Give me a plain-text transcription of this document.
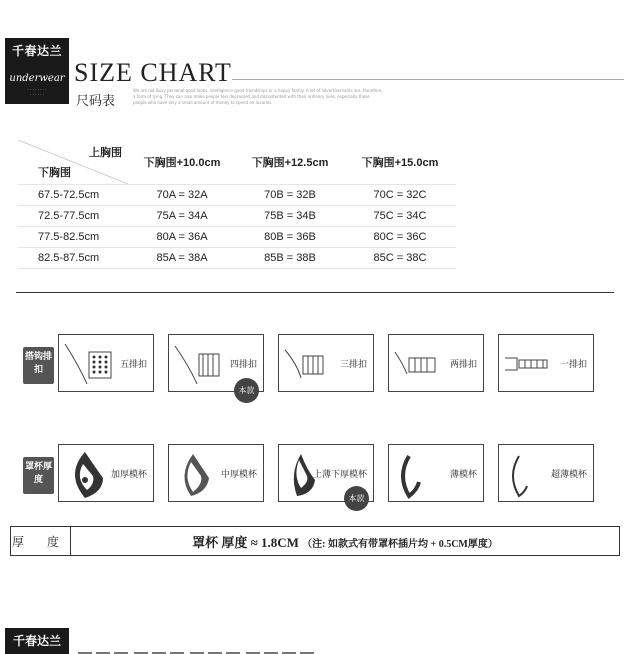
千春达兰
underwear
· · · · · · · ·
· · · · · ·
SIZE CHART
尺码表
We are not Busy personal good looks, intelligence good friendships or a happy family. A lot of advertisements are, therefore, a form of lying. They can also make people feel depressed and discontented with their ordinary lives, especially those people who have only a small amount of money to spend on luxuries
上胸围
下胸围	下胸围+10.0cm	下胸围+12.5cm	下胸围+15.0cm
67.5-72.5cm	70A = 32A	70B = 32B	70C = 32C
72.5-77.5cm	75A = 34A	75B = 34B	75C = 34C
77.5-82.5cm	80A = 36A	80B = 36B	80C = 36C
82.5-87.5cm	85A = 38A	85B = 38B	85C = 38C
搭钩排扣	五排扣	四排扣
本款
三排扣	两排扣	一排扣
罩杯厚度	加厚模杯	中厚模杯	上薄下厚模杯
本款
薄模杯	超薄模杯
厚 度	罩杯 厚度 ≈ 1.8CM （注: 如款式有带罩杯插片均 + 0.5CM厚度）
千春达兰
